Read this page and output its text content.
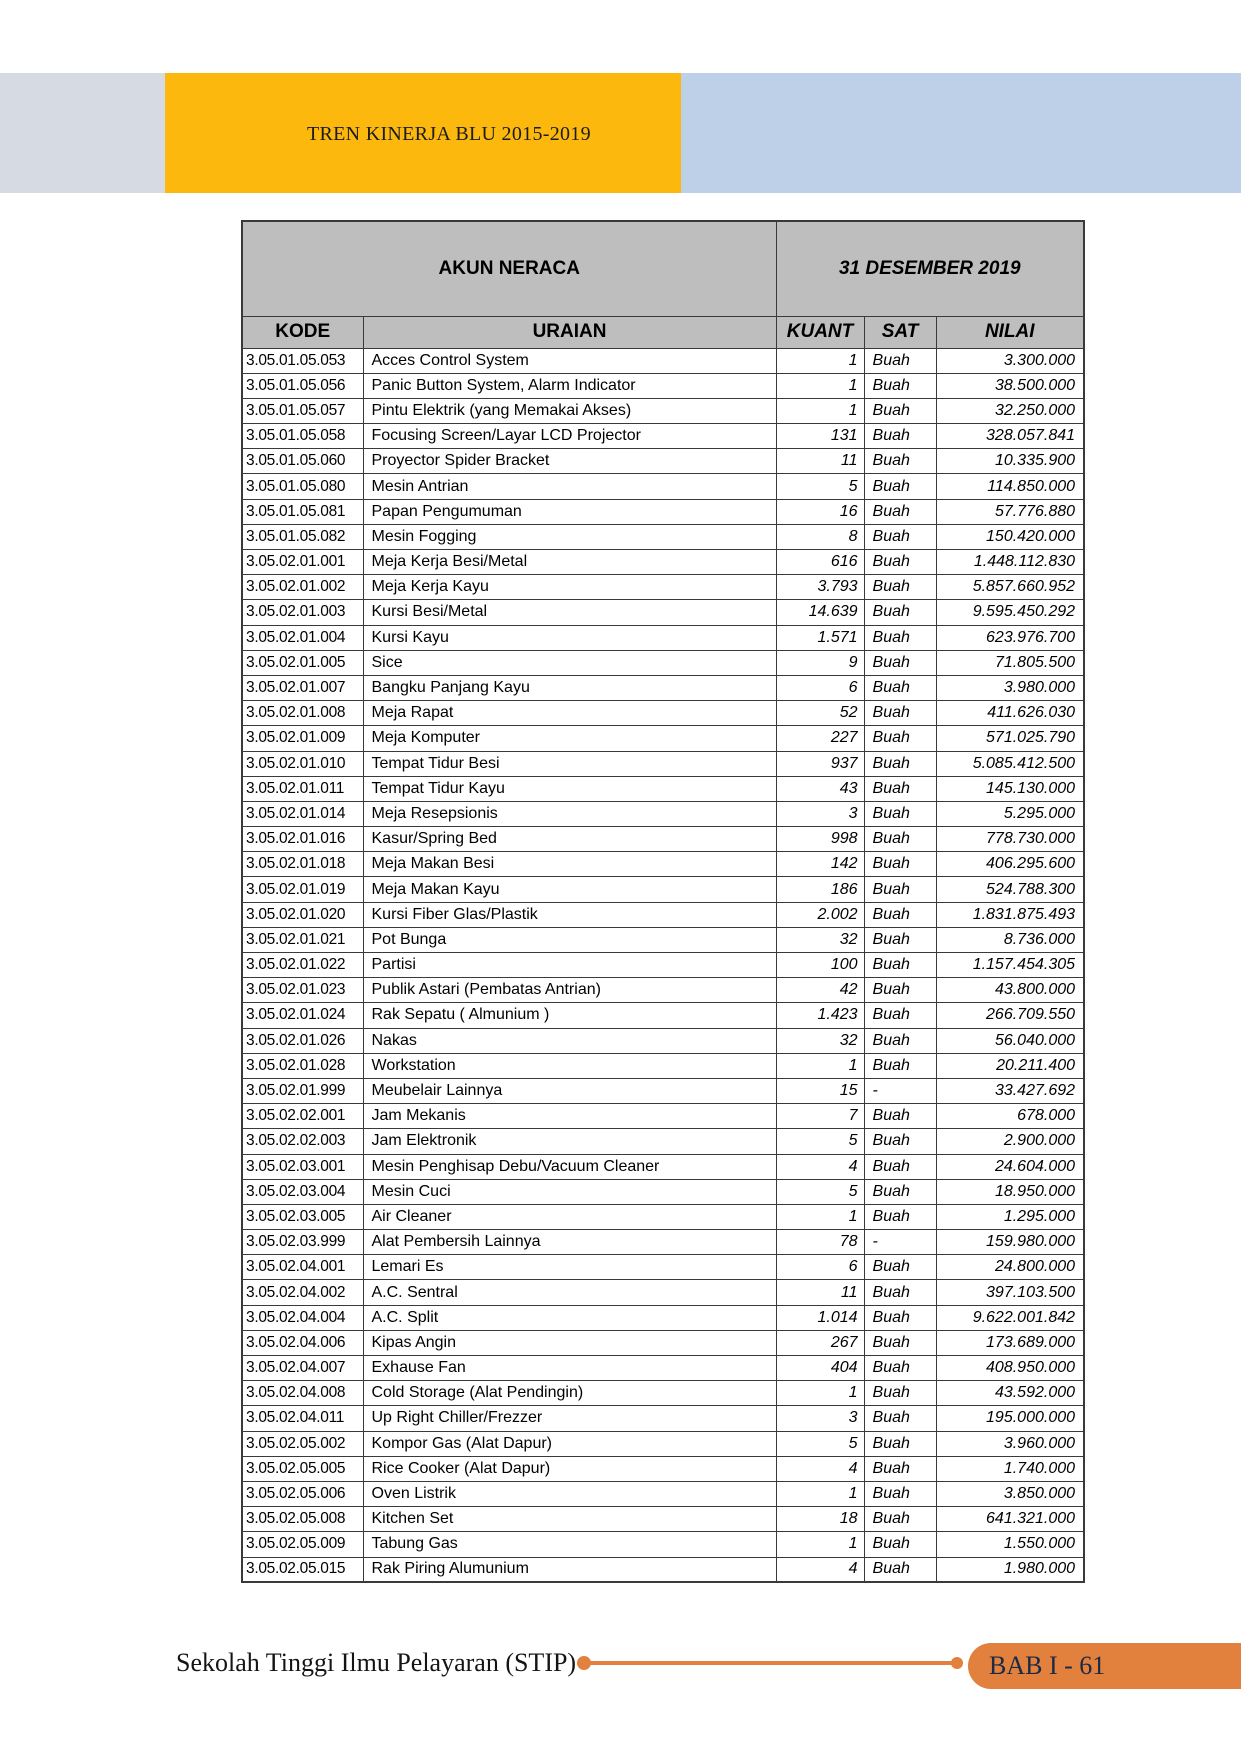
TREN KINERJA BLU 2015-2019
AKUN NERACA		31 DESEMBER 2019		
KODE	URAIAN	KUANT	SAT	NILAI
3.05.01.05.053	Acces Control System	1	Buah	3.300.000
3.05.01.05.056	Panic Button System, Alarm Indicator	1	Buah	38.500.000
3.05.01.05.057	Pintu Elektrik (yang Memakai Akses)	1	Buah	32.250.000
3.05.01.05.058	Focusing Screen/Layar LCD Projector	131	Buah	328.057.841
3.05.01.05.060	Proyector Spider Bracket	11	Buah	10.335.900
3.05.01.05.080	Mesin Antrian	5	Buah	114.850.000
3.05.01.05.081	Papan Pengumuman	16	Buah	57.776.880
3.05.01.05.082	Mesin Fogging	8	Buah	150.420.000
3.05.02.01.001	Meja Kerja Besi/Metal	616	Buah	1.448.112.830
3.05.02.01.002	Meja Kerja Kayu	3.793	Buah	5.857.660.952
3.05.02.01.003	Kursi Besi/Metal	14.639	Buah	9.595.450.292
3.05.02.01.004	Kursi Kayu	1.571	Buah	623.976.700
3.05.02.01.005	Sice	9	Buah	71.805.500
3.05.02.01.007	Bangku Panjang Kayu	6	Buah	3.980.000
3.05.02.01.008	Meja Rapat	52	Buah	411.626.030
3.05.02.01.009	Meja Komputer	227	Buah	571.025.790
3.05.02.01.010	Tempat Tidur Besi	937	Buah	5.085.412.500
3.05.02.01.011	Tempat Tidur Kayu	43	Buah	145.130.000
3.05.02.01.014	Meja Resepsionis	3	Buah	5.295.000
3.05.02.01.016	Kasur/Spring Bed	998	Buah	778.730.000
3.05.02.01.018	Meja Makan Besi	142	Buah	406.295.600
3.05.02.01.019	Meja Makan Kayu	186	Buah	524.788.300
3.05.02.01.020	Kursi Fiber Glas/Plastik	2.002	Buah	1.831.875.493
3.05.02.01.021	Pot Bunga	32	Buah	8.736.000
3.05.02.01.022	Partisi	100	Buah	1.157.454.305
3.05.02.01.023	Publik Astari (Pembatas Antrian)	42	Buah	43.800.000
3.05.02.01.024	Rak Sepatu ( Almunium )	1.423	Buah	266.709.550
3.05.02.01.026	Nakas	32	Buah	56.040.000
3.05.02.01.028	Workstation	1	Buah	20.211.400
3.05.02.01.999	Meubelair Lainnya	15	-	33.427.692
3.05.02.02.001	Jam Mekanis	7	Buah	678.000
3.05.02.02.003	Jam Elektronik	5	Buah	2.900.000
3.05.02.03.001	Mesin Penghisap Debu/Vacuum Cleaner	4	Buah	24.604.000
3.05.02.03.004	Mesin Cuci	5	Buah	18.950.000
3.05.02.03.005	Air Cleaner	1	Buah	1.295.000
3.05.02.03.999	Alat Pembersih Lainnya	78	-	159.980.000
3.05.02.04.001	Lemari Es	6	Buah	24.800.000
3.05.02.04.002	A.C. Sentral	11	Buah	397.103.500
3.05.02.04.004	A.C. Split	1.014	Buah	9.622.001.842
3.05.02.04.006	Kipas Angin	267	Buah	173.689.000
3.05.02.04.007	Exhause Fan	404	Buah	408.950.000
3.05.02.04.008	Cold Storage (Alat Pendingin)	1	Buah	43.592.000
3.05.02.04.011	Up Right Chiller/Frezzer	3	Buah	195.000.000
3.05.02.05.002	Kompor Gas (Alat Dapur)	5	Buah	3.960.000
3.05.02.05.005	Rice Cooker (Alat Dapur)	4	Buah	1.740.000
3.05.02.05.006	Oven Listrik	1	Buah	3.850.000
3.05.02.05.008	Kitchen Set	18	Buah	641.321.000
3.05.02.05.009	Tabung Gas	1	Buah	1.550.000
3.05.02.05.015	Rak Piring Alumunium	4	Buah	1.980.000
Sekolah Tinggi Ilmu Pelayaran (STIP)	BAB I - 61
